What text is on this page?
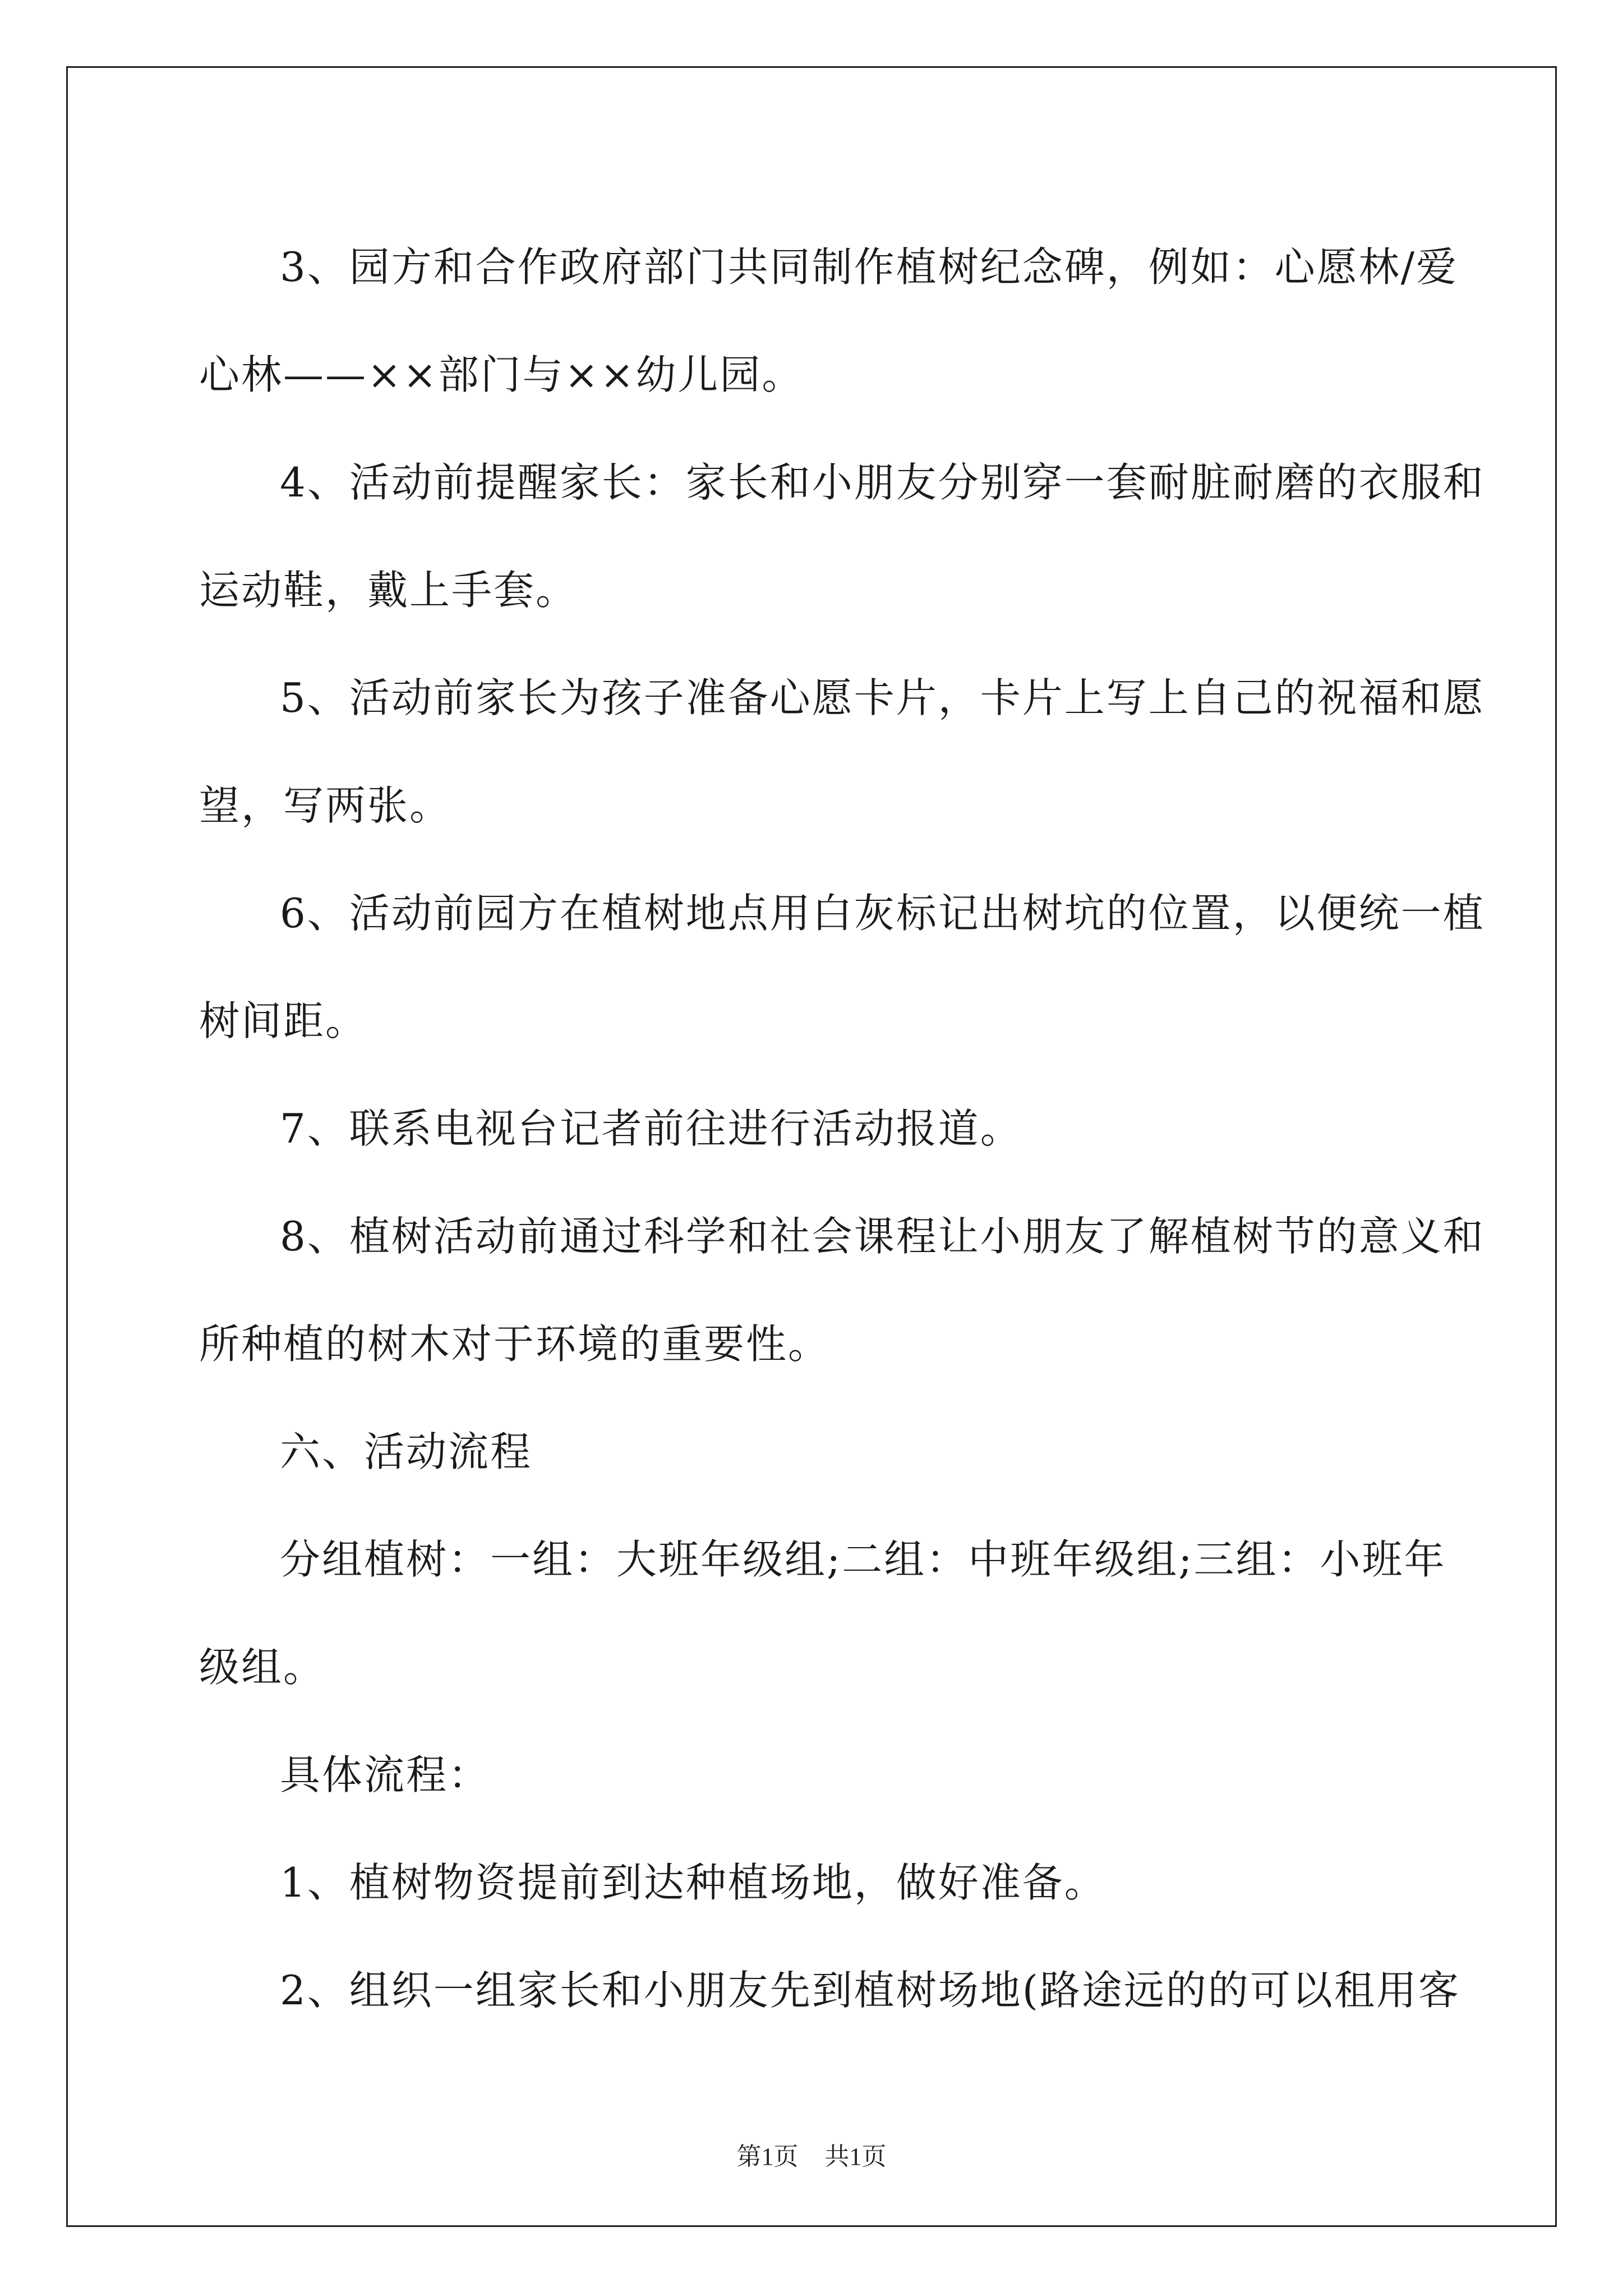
3、园方和合作政府部门共同制作植树纪念碑，例如：心愿林/爱
心林——××部门与××幼儿园。
4、活动前提醒家长：家长和小朋友分别穿一套耐脏耐磨的衣服和
运动鞋，戴上手套。
5、活动前家长为孩子准备心愿卡片，卡片上写上自己的祝福和愿
望，写两张。
6、活动前园方在植树地点用白灰标记出树坑的位置，以便统一植
树间距。
7、联系电视台记者前往进行活动报道。
8、植树活动前通过科学和社会课程让小朋友了解植树节的意义和
所种植的树木对于环境的重要性。
六、活动流程
分组植树：一组：大班年级组;二组：中班年级组;三组：小班年
级组。
具体流程：
1、植树物资提前到达种植场地，做好准备。
2、组织一组家长和小朋友先到植树场地(路途远的的可以租用客
第1页 共1页
